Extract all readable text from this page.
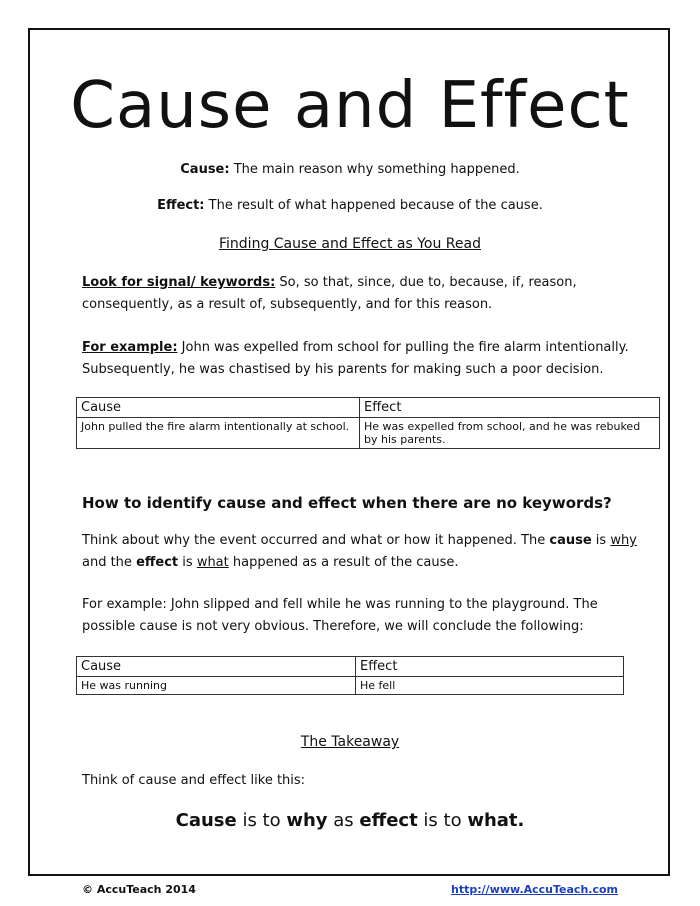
Cause and Effect
Cause: The main reason why something happened.
Effect: The result of what happened because of the cause.
Finding Cause and Effect as You Read
Look for signal/ keywords: So, so that, since, due to, because, if, reason, consequently, as a result of, subsequently, and for this reason.
For example: John was expelled from school for pulling the fire alarm intentionally. Subsequently, he was chastised by his parents for making such a poor decision.
Cause	Effect
John pulled the fire alarm intentionally at school.	He was expelled from school, and he was rebuked by his parents.
How to identify cause and effect when there are no keywords?
Think about why the event occurred and what or how it happened. The cause is why and the effect is what happened as a result of the cause.
For example: John slipped and fell while he was running to the playground. The possible cause is not very obvious. Therefore, we will conclude the following:
Cause	Effect
He was running	He fell
The Takeaway
Think of cause and effect like this:
Cause is to why as effect is to what.
© AccuTeach 2014	http://www.AccuTeach.com
